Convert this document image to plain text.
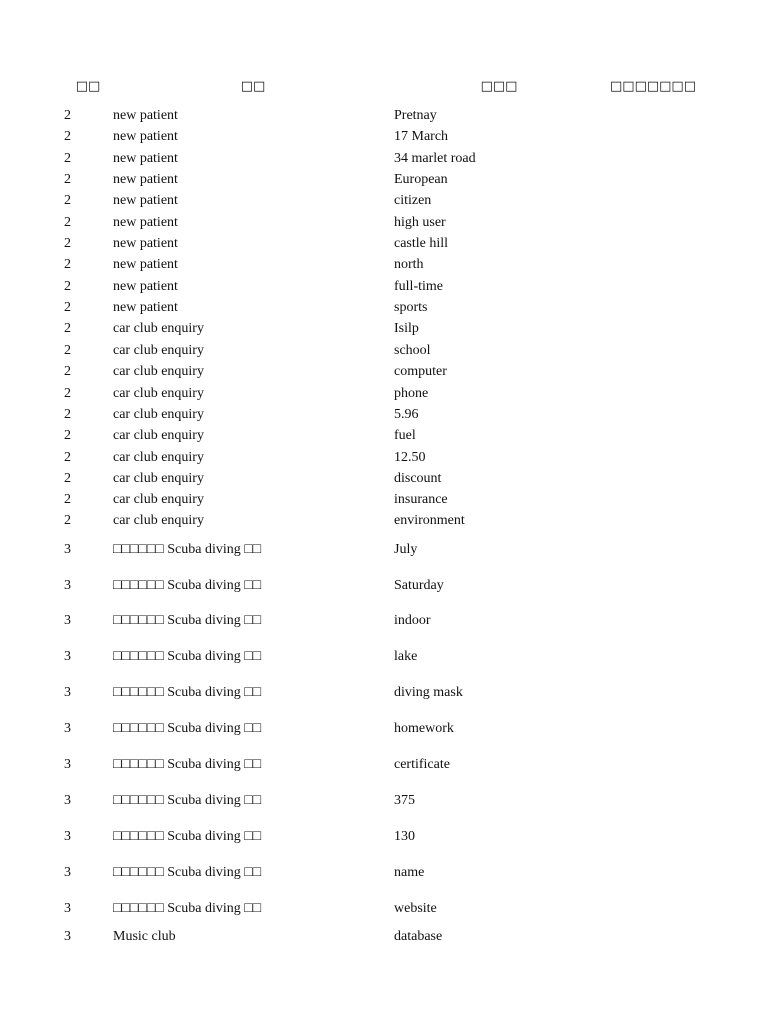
□□	□□	□□□	□□□□□□□
2	new patient	Pretnay
2	new patient	17 March
2	new patient	34 marlet road
2	new patient	European
2	new patient	citizen
2	new patient	high user
2	new patient	castle hill
2	new patient	north
2	new patient	full-time
2	new patient	sports
2	car club enquiry	Isilp
2	car club enquiry	school
2	car club enquiry	computer
2	car club enquiry	phone
2	car club enquiry	5.96
2	car club enquiry	fuel
2	car club enquiry	12.50
2	car club enquiry	discount
2	car club enquiry	insurance
2	car club enquiry	environment
3	□□□□□□ Scuba diving □□	July
3	□□□□□□ Scuba diving □□	Saturday
3	□□□□□□ Scuba diving □□	indoor
3	□□□□□□ Scuba diving □□	lake
3	□□□□□□ Scuba diving □□	diving mask
3	□□□□□□ Scuba diving □□	homework
3	□□□□□□ Scuba diving □□	certificate
3	□□□□□□ Scuba diving □□	375
3	□□□□□□ Scuba diving □□	130
3	□□□□□□ Scuba diving □□	name
3	□□□□□□ Scuba diving □□	website
3	Music club	database
